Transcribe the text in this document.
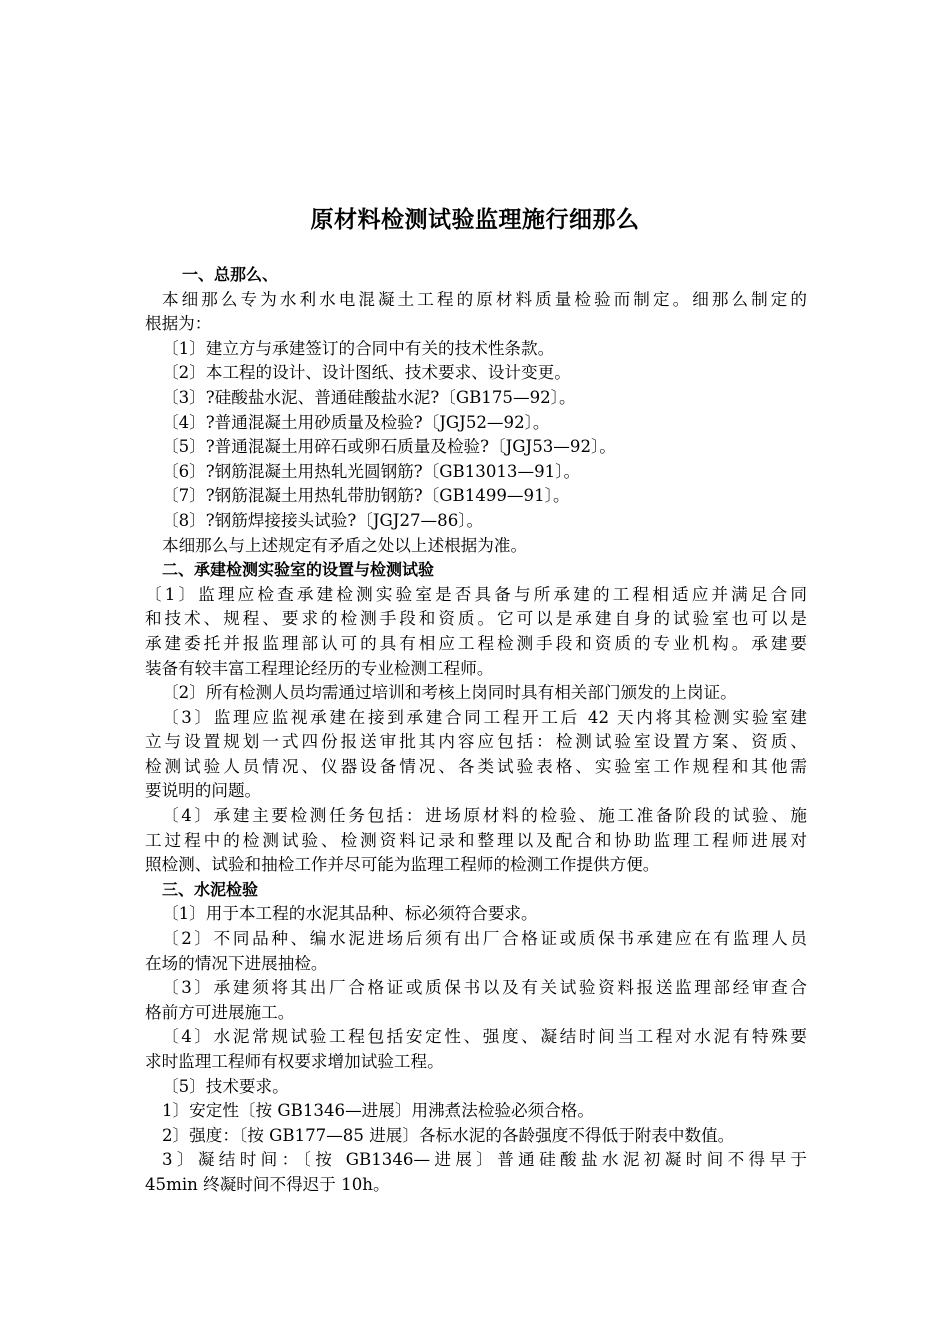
原材料检测试验监理施行细那么
一、总那么、
本细那么专为水利水电混凝土工程的原材料质量检验而制定。细那么制定的
根据为：
〔1〕建立方与承建签订的合同中有关的技术性条款。
〔2〕本工程的设计、设计图纸、技术要求、设计变更。
〔3〕?硅酸盐水泥、普通硅酸盐水泥?〔GB175—92〕。
〔4〕?普通混凝土用砂质量及检验?〔JGJ52—92〕。
〔5〕?普通混凝土用碎石或卵石质量及检验?〔JGJ53—92〕。
〔6〕?钢筋混凝土用热轧光圆钢筋?〔GB13013—91〕。
〔7〕?钢筋混凝土用热轧带肋钢筋?〔GB1499—91〕。
〔8〕?钢筋焊接接头试验?〔JGJ27—86〕。
本细那么与上述规定有矛盾之处以上述根据为准。
二、承建检测实验室的设置与检测试验
〔1〕监理应检查承建检测实验室是否具备与所承建的工程相适应并满足合同
和技术、规程、要求的检测手段和资质。它可以是承建自身的试验室也可以是
承建委托并报监理部认可的具有相应工程检测手段和资质的专业机构。承建要
装备有较丰富工程理论经历的专业检测工程师。
〔2〕所有检测人员均需通过培训和考核上岗同时具有相关部门颁发的上岗证。
〔3〕监理应监视承建在接到承建合同工程开工后 42 天内将其检测实验室建
立与设置规划一式四份报送审批其内容应包括：检测试验室设置方案、资质、
检测试验人员情况、仪器设备情况、各类试验表格、实验室工作规程和其他需
要说明的问题。
〔4〕承建主要检测任务包括：进场原材料的检验、施工准备阶段的试验、施
工过程中的检测试验、检测资料记录和整理以及配合和协助监理工程师进展对
照检测、试验和抽检工作并尽可能为监理工程师的检测工作提供方便。
三、水泥检验
〔1〕用于本工程的水泥其品种、标必须符合要求。
〔2〕不同品种、编水泥进场后须有出厂合格证或质保书承建应在有监理人员
在场的情况下进展抽检。
〔3〕承建须将其出厂合格证或质保书以及有关试验资料报送监理部经审查合
格前方可进展施工。
〔4〕水泥常规试验工程包括安定性、强度、凝结时间当工程对水泥有特殊要
求时监理工程师有权要求增加试验工程。
〔5〕技术要求。
1〕安定性〔按 GB1346—进展〕用沸煮法检验必须合格。
2〕强度：〔按 GB177—85 进展〕各标水泥的各龄强度不得低于附表中数值。
3〕凝结时间：〔按 GB1346—进展〕普通硅酸盐水泥初凝时间不得早于
45min 终凝时间不得迟于 10h。
